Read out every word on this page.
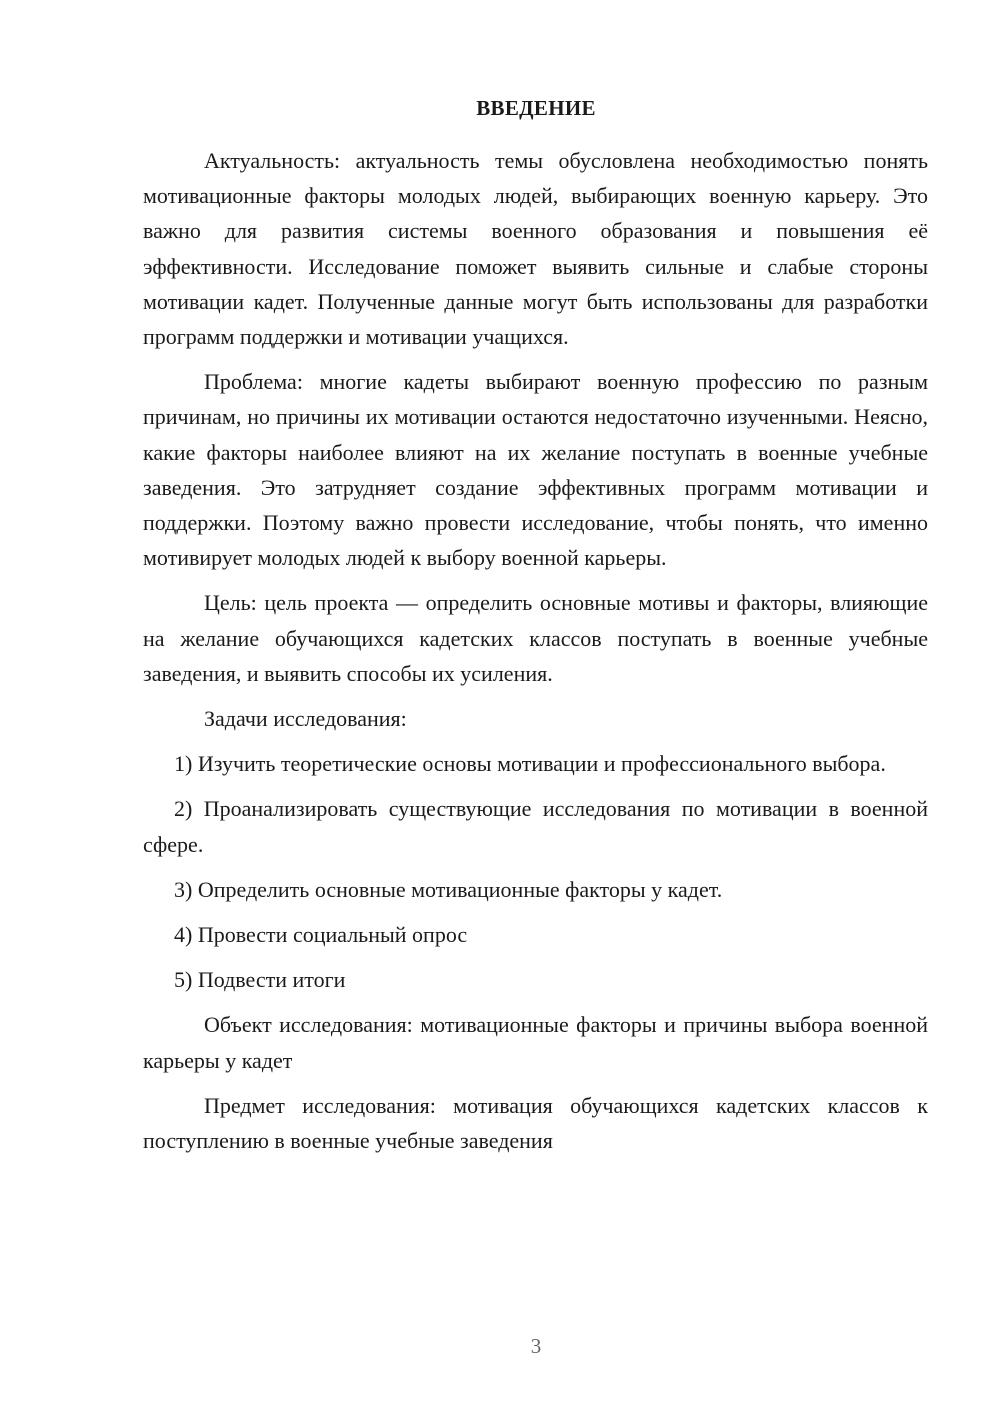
ВВЕДЕНИЕ

Актуальность: актуальность темы обусловлена необходимостью понять мотивационные факторы молодых людей, выбирающих военную карьеру. Это важно для развития системы военного образования и повышения её эффективности. Исследование поможет выявить сильные и слабые стороны мотивации кадет. Полученные данные могут быть использованы для разработки программ поддержки и мотивации учащихся.

Проблема: многие кадеты выбирают военную профессию по разным причинам, но причины их мотивации остаются недостаточно изученными. Неясно, какие факторы наиболее влияют на их желание поступать в военные учебные заведения. Это затрудняет создание эффективных программ мотивации и поддержки. Поэтому важно провести исследование, чтобы понять, что именно мотивирует молодых людей к выбору военной карьеры.

Цель: цель проекта — определить основные мотивы и факторы, влияющие на желание обучающихся кадетских классов поступать в военные учебные заведения, и выявить способы их усиления.

Задачи исследования:

1) Изучить теоретические основы мотивации и профессионального выбора.

2) Проанализировать существующие исследования по мотивации в военной сфере.

3) Определить основные мотивационные факторы у кадет.

4) Провести социальный опрос

5) Подвести итоги

Объект исследования: мотивационные факторы и причины выбора военной карьеры у кадет

Предмет исследования: мотивация обучающихся кадетских классов к поступлению в военные учебные заведения

3
